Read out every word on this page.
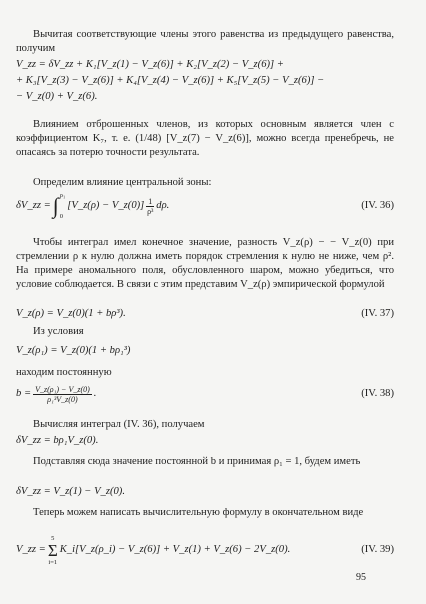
Вычитая соответствующие члены этого равенства из предыдущего равенства, получим
V_zz = δV_zz + K₁[V_z(1) − V_z(6)] + K₂[V_z(2) − V_z(6)] +
+ K₃[V_z(3) − V_z(6)] + K₄[V_z(4) − V_z(6)] + K₅[V_z(5) − V_z(6)] −
− V_z(0) + V_z(6).
Влиянием отброшенных членов, из которых основным является член с коэффициентом K₇, т. е. (1/48) [V_z(7) − V_z(6)], можно всегда пренебречь, не опасаясь за потерю точности результата.
Определим влияние центральной зоны:
δV_zz = ∫ ρ₁
0
[V_z(ρ) − V_z(0)] $\frac{1}{\text{ρ³}} d\rho$.	(IV. 36)
Чтобы интеграл имел конечное значение, разность V_z(ρ) − − V_z(0) при стремлении ρ к нулю должна иметь порядок стремления к нулю не ниже, чем ρ². На примере аномального поля, обусловленного шаром, можно убедиться, что условие соблюдается. В связи с этим представим V_z(ρ) эмпирической формулой
V_z(ρ) = V_z(0)(1 + bρ³).	(IV. 37)
Из условия
V_z(ρ₁) = V_z(0)(1 + bρ₁³)
находим постоянную
$b = \frac{\text{V\_z(ρ₁) − V\_z(0)}}{\text{ρ₁³V\_z(0)}}$ .	(IV. 38)
Вычисляя интеграл (IV. 36), получаем
δV_zz = bρ₁V_z(0).
Подставляя сюда значение постоянной b и принимая ρ₁ = 1, будем иметь
δV_zz = V_z(1) − V_z(0).
Теперь можем написать вычислительную формулу в окончательном виде
V_zz =
5
Σ
i=1
K_i[V_z(ρ_i) − V_z(6)] + V_z(1) + V_z(6) − 2V_z(0).	(IV. 39)
95
